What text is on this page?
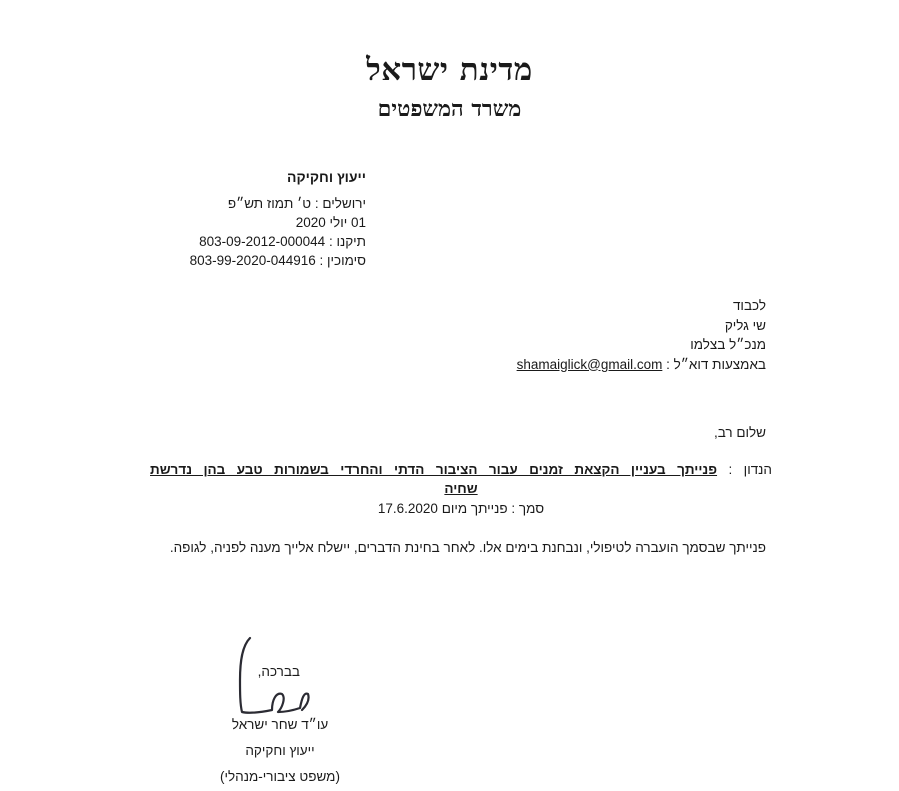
מדינת ישראל
משרד המשפטים
ייעוץ וחקיקה
ירושלים : ט׳ תמוז תש״פ
01 יולי 2020
תיקנו : 803-09-2012-000044
סימוכין : 803-99-2020-044916
לכבוד
שי גליק
מנכ״ל בצלמו
באמצעות דוא״ל : shamaiglick@gmail.com
שלום רב,
הנדון : פנייתך בעניין הקצאת זמנים עבור הציבור הדתי והחרדי בשמורות טבע בהן נדרשת
שחיה
סמך : פנייתך מיום 17.6.2020
פנייתך שבסמך הועברה לטיפולי, ונבחנת בימים אלו. לאחר בחינת הדברים, יישלח אלייך מענה לפניה, לגופה.
בברכה,
עו״ד שחר ישראל
ייעוץ וחקיקה
(משפט ציבורי-מנהלי)
